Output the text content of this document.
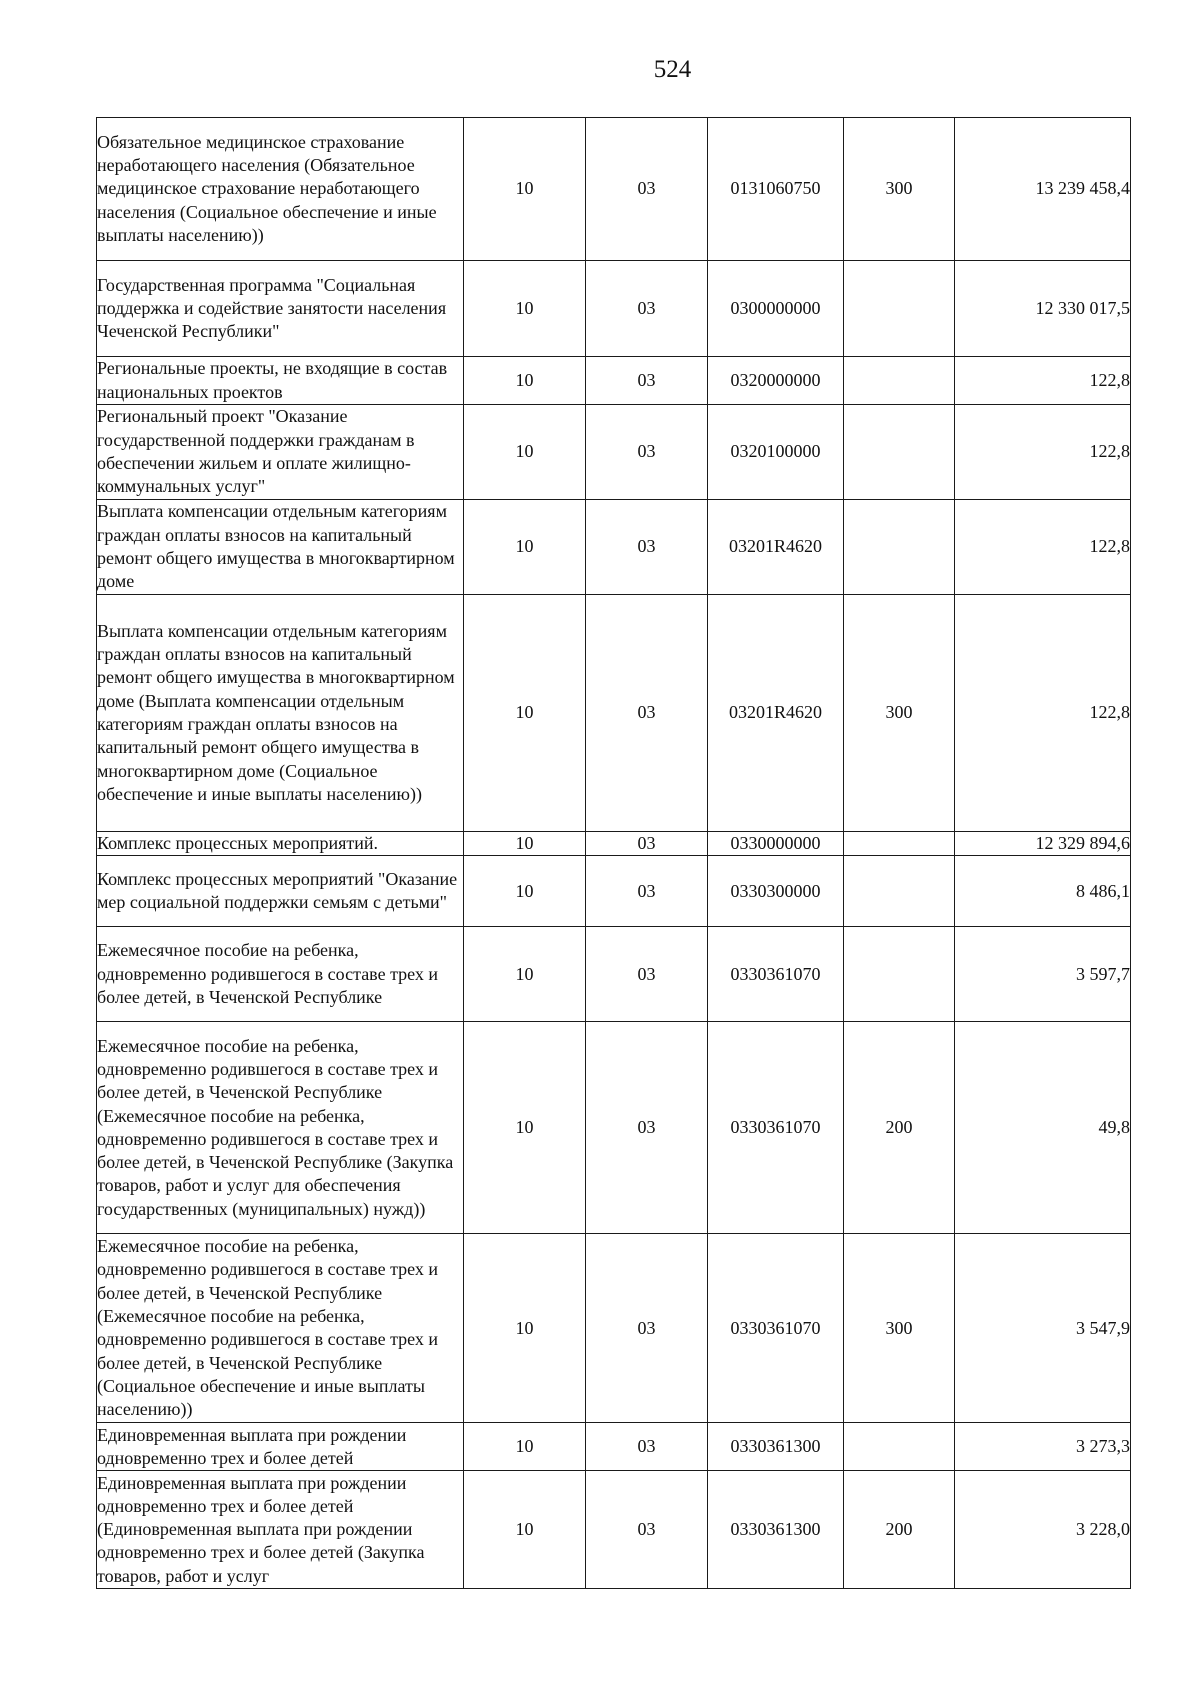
524
Обязательное медицинское страхование неработающего населения (Обязательное медицинское страхование неработающего населения (Социальное обеспечение и иные выплаты населению))	10	03	0131060750	300	13 239 458,4
Государственная программа "Социальная поддержка и содействие занятости населения Чеченской Республики"	10	03	0300000000		12 330 017,5
Региональные проекты, не входящие в состав национальных проектов	10	03	0320000000		122,8
Региональный проект "Оказание государственной поддержки гражданам в обеспечении жильем и оплате жилищно-коммунальных услуг"	10	03	0320100000		122,8
Выплата компенсации отдельным категориям граждан оплаты взносов на капитальный ремонт общего имущества в многоквартирном доме	10	03	03201R4620		122,8
Выплата компенсации отдельным категориям граждан оплаты взносов на капитальный ремонт общего имущества в многоквартирном доме (Выплата компенсации отдельным категориям граждан оплаты взносов на капитальный ремонт общего имущества в многоквартирном доме (Социальное обеспечение и иные выплаты населению))	10	03	03201R4620	300	122,8
Комплекс процессных мероприятий.	10	03	0330000000		12 329 894,6
Комплекс процессных мероприятий "Оказание мер социальной поддержки семьям с детьми"	10	03	0330300000		8 486,1
Ежемесячное пособие на ребенка, одновременно родившегося в составе трех и более детей, в Чеченской Республике	10	03	0330361070		3 597,7
Ежемесячное пособие на ребенка, одновременно родившегося в составе трех и более детей, в Чеченской Республике (Ежемесячное пособие на ребенка, одновременно родившегося в составе трех и более детей, в Чеченской Республике (Закупка товаров, работ и услуг для обеспечения государственных (муниципальных) нужд))	10	03	0330361070	200	49,8
Ежемесячное пособие на ребенка, одновременно родившегося в составе трех и более детей, в Чеченской Республике (Ежемесячное пособие на ребенка, одновременно родившегося в составе трех и более детей, в Чеченской Республике (Социальное обеспечение и иные выплаты населению))	10	03	0330361070	300	3 547,9
Единовременная выплата при рождении одновременно трех и более детей	10	03	0330361300		3 273,3
Единовременная выплата при рождении одновременно трех и более детей (Единовременная выплата при рождении одновременно трех и более детей (Закупка товаров, работ и услуг	10	03	0330361300	200	3 228,0
